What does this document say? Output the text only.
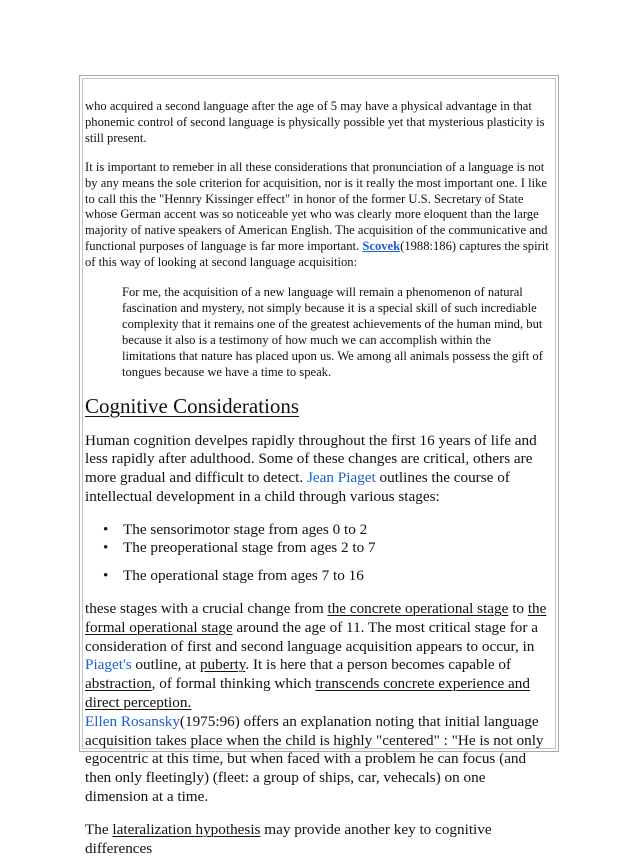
who acquired a second language after the age of 5 may have a physical advantage in that phonemic control of second language is physically possible yet that mysterious plasticity is still present.

It is important to remeber in all these considerations that pronunciation of a language is not by any means the sole criterion for acquisition, nor is it really the most important one. I like to call this the "Hennry Kissinger effect" in honor of the former U.S. Secretary of State whose German accent was so noticeable yet who was clearly more eloquent than the large majority of native speakers of American English. The acquisition of the communicative and functional purposes of language is far more important. Scovek(1988:186) captures the spirit of this way of looking at second language acquisition:

For me, the acquisition of a new language will remain a phenomenon of natural fascination and mystery, not simply because it is a special skill of such incrediable complexity that it remains one of the greatest achievements of the human mind, but because it also is a testimony of how much we can accomplish within the limitations that nature has placed upon us. We among all animals possess the gift of tongues because we have a time to speak.
Cognitive Considerations

Human cognition develpes rapidly throughout the first 16 years of life and less rapidly after adulthood. Some of these changes are critical, others are more gradual and difficult to detect. Jean Piaget outlines the course of intellectual development in a child through various stages:

• The sensorimotor stage from ages 0 to 2
• The preoperational stage from ages 2 to 7
• The operational stage from ages 7 to 16

these stages with a crucial change from the concrete operational stage to the formal operational stage around the age of 11. The most critical stage for a consideration of first and second language acquisition appears to occur, in Piaget's outline, at puberty. It is here that a person becomes capable of abstraction, of formal thinking which transcends concrete experience and direct perception.
Ellen Rosansky(1975:96) offers an explanation noting that initial language acquisition takes place when the child is highly "centered" : "He is not only egocentric at this time, but when faced with a problem he can focus (and then only fleetingly) (fleet: a group of ships, car, vehecals) on one dimension at a time.

The lateralization hypothesis may provide another key to cognitive differences
